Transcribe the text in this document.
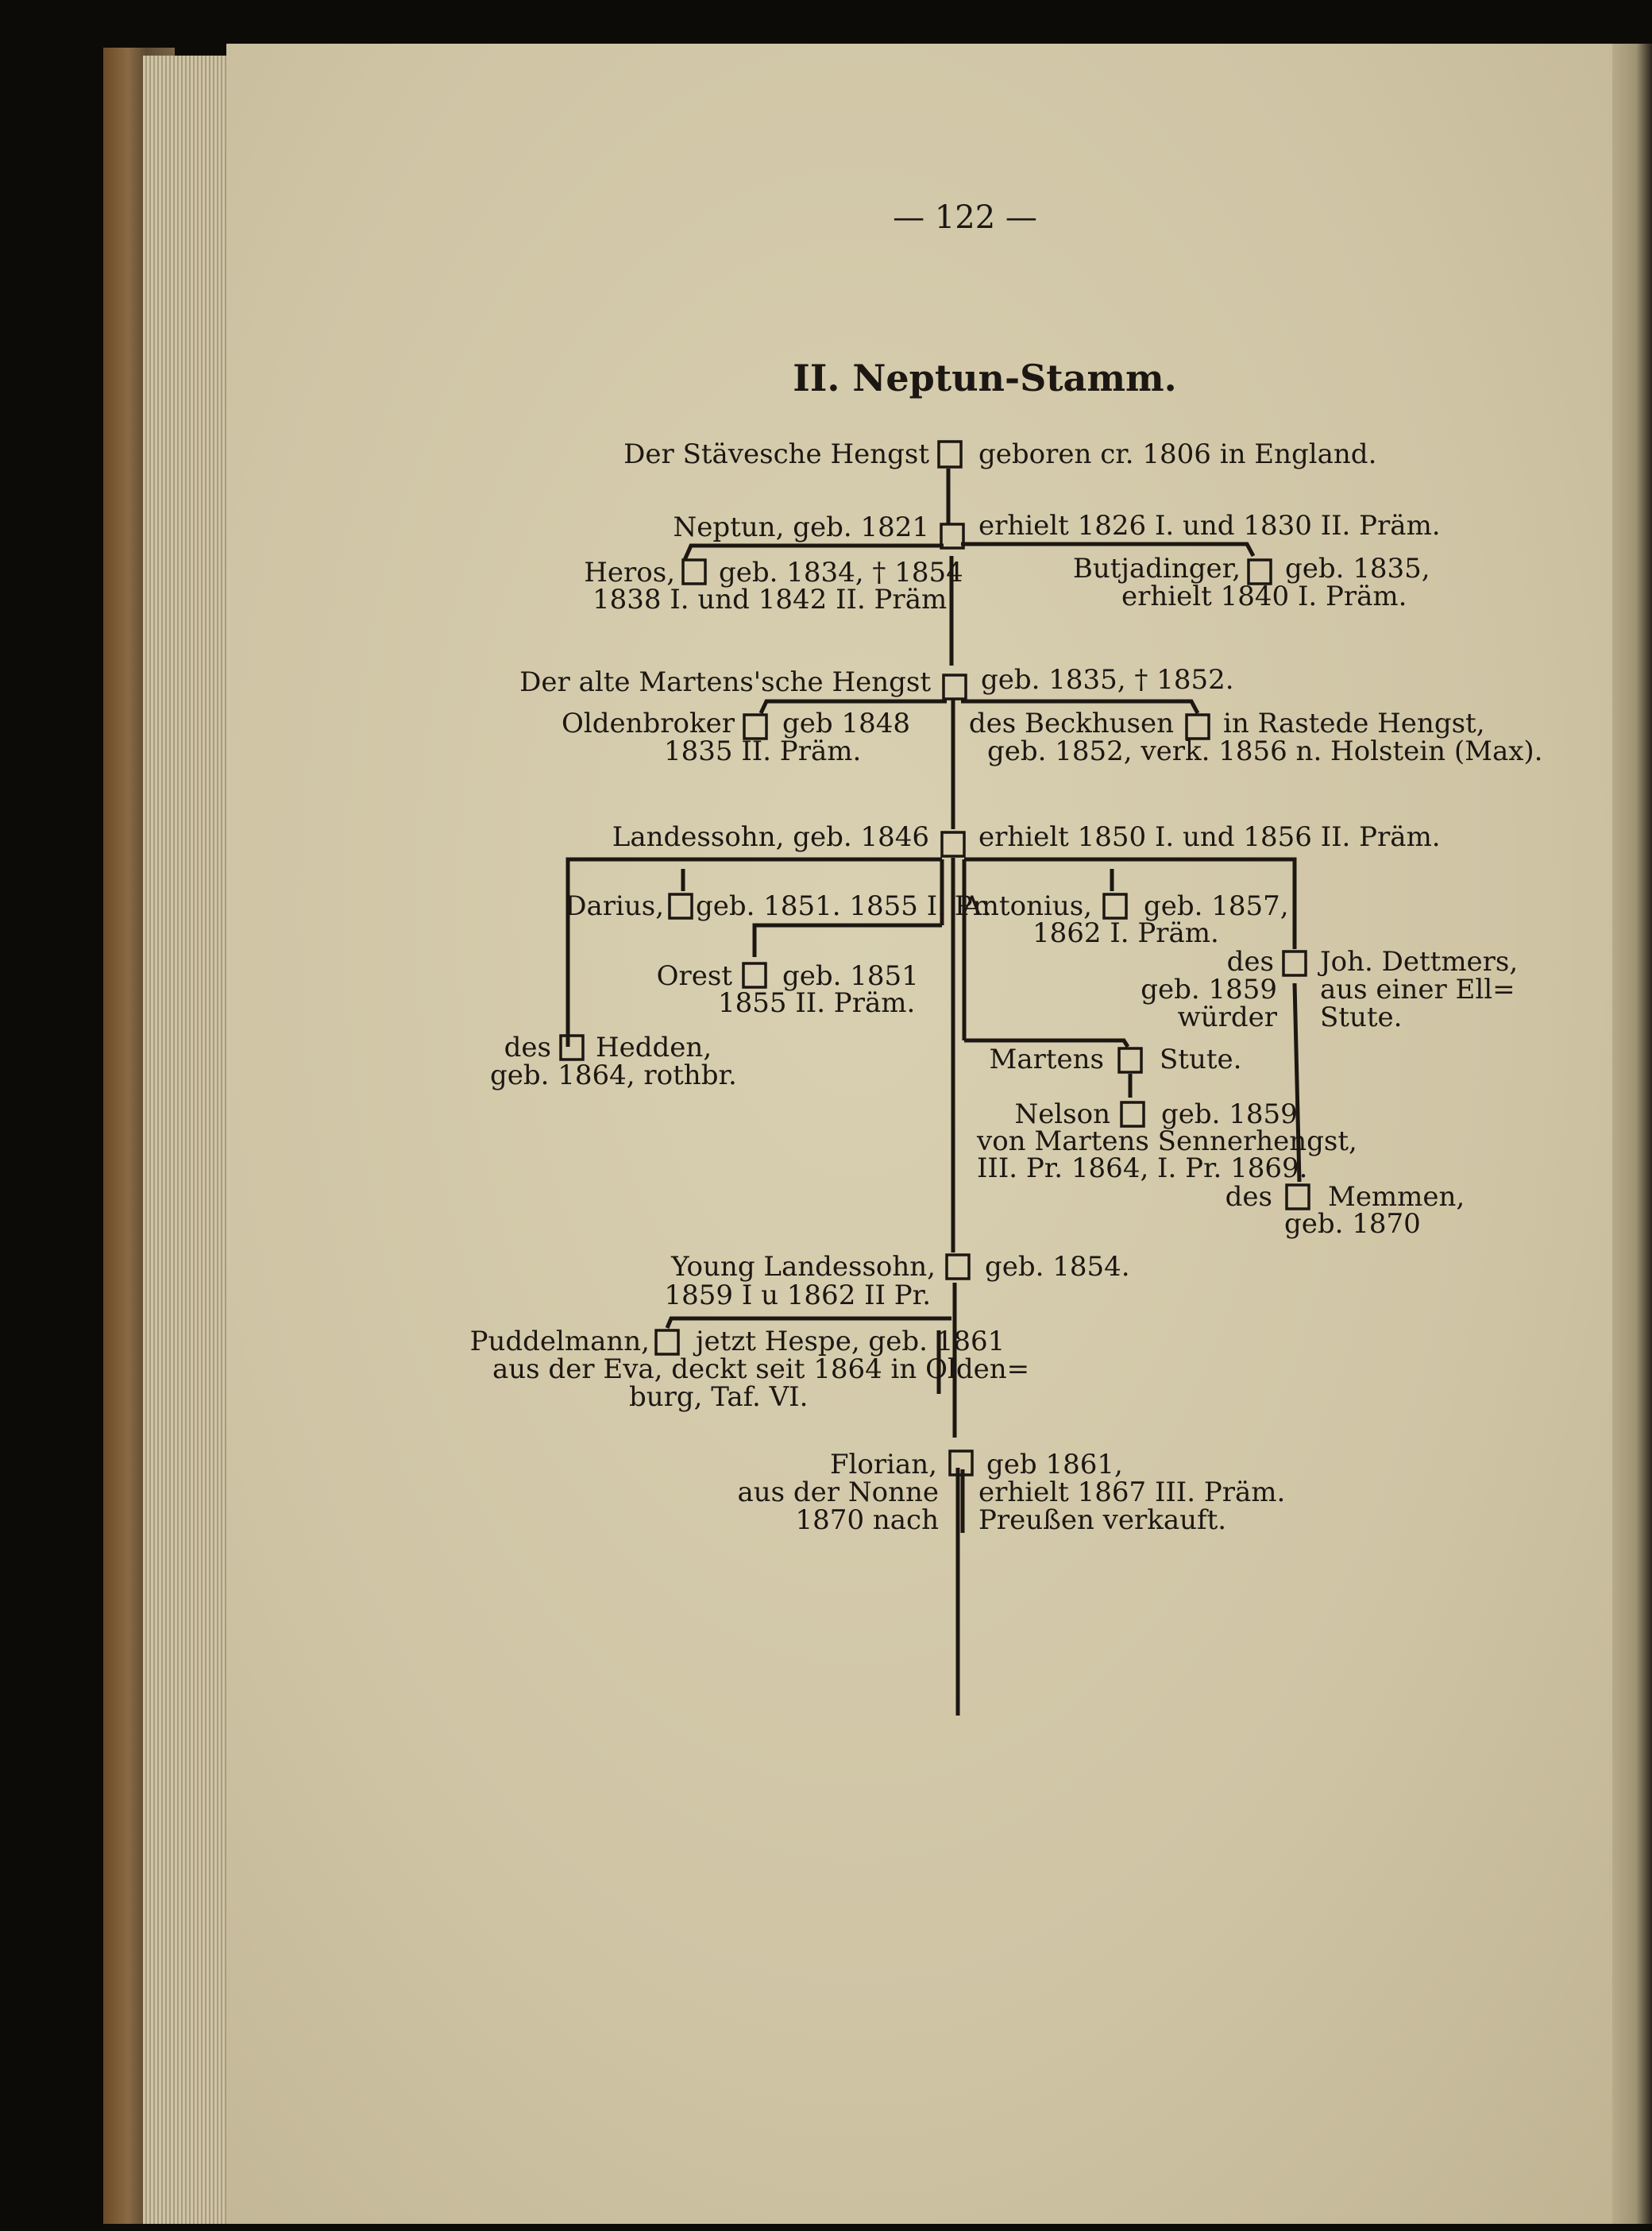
— 122 —
II. Neptun-Stamm.
Der Stävesche Hengst geboren cr. 1806 in England.
Neptun, geb. 1821 erhielt 1826 I. und 1830 II. Präm.
Heros, geb. 1834, † 1854
1838 I. und 1842 II. Präm.
Butjadinger, geb. 1835,
erhielt 1840 I. Präm.
Der alte Martens'sche Hengst geb. 1835, † 1852.
Oldenbroker geb 1848
1835 II. Präm.
des Beckhusen in Rastede Hengst,
geb. 1852, verk. 1856 n. Holstein (Max).
Landessohn, geb. 1846 erhielt 1850 I. und 1856 II. Präm.
Darius, geb. 1851. 1855 I. Pr.
Orest geb. 1851
1855 II. Präm.
des Hedden,
geb. 1864, rothbr.
Antonius, geb. 1857,
1862 I. Präm.
des Joh. Dettmers,
geb. 1859 aus einer Ell=
würder Stute.
Martens Stute.
Nelson geb. 1859
von Martens Sennerhengst,
III. Pr. 1864, I. Pr. 1869.
des Memmen,
geb. 1870
Young Landessohn, geb. 1854.
1859 I u 1862 II Pr.
Puddelmann, jetzt Hespe, geb. 1861
aus der Eva, deckt seit 1864 in Olden=
burg, Taf. VI.
Florian, geb 1861,
aus der Nonne erhielt 1867 III. Präm.
1870 nach Preußen verkauft.
